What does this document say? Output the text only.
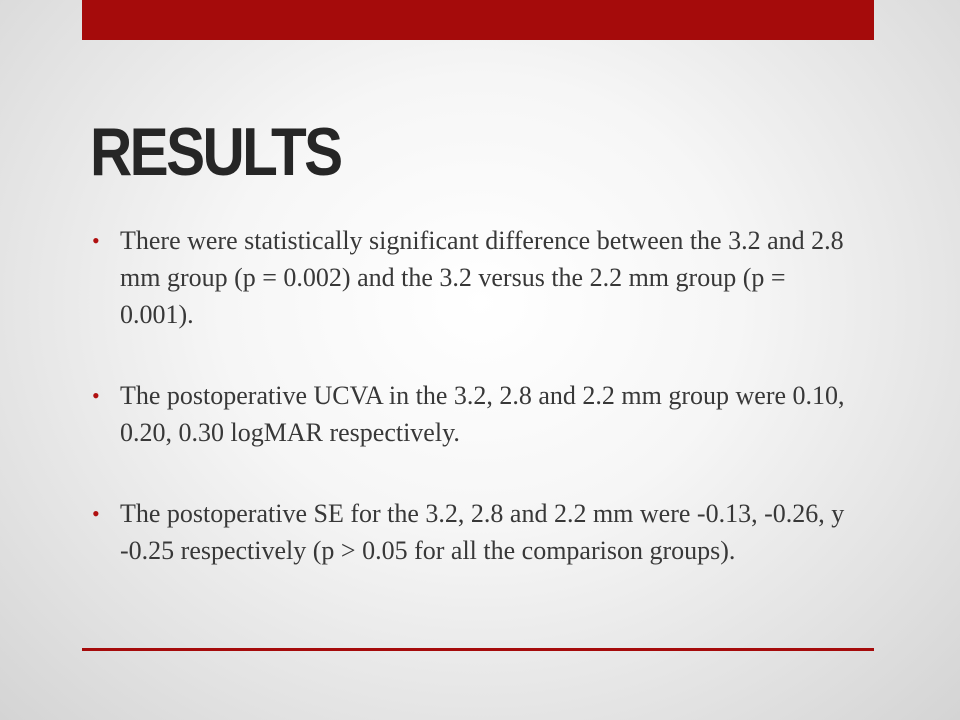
RESULTS
• There were statistically significant difference between the 3.2 and 2.8 mm group (p = 0.002) and the 3.2 versus the 2.2 mm group (p = 0.001).
• The postoperative UCVA in the 3.2, 2.8 and 2.2 mm group were 0.10, 0.20, 0.30 logMAR respectively.
• The postoperative SE for the 3.2, 2.8 and 2.2 mm were -0.13, -0.26, y -0.25 respectively (p > 0.05 for all the comparison groups).
